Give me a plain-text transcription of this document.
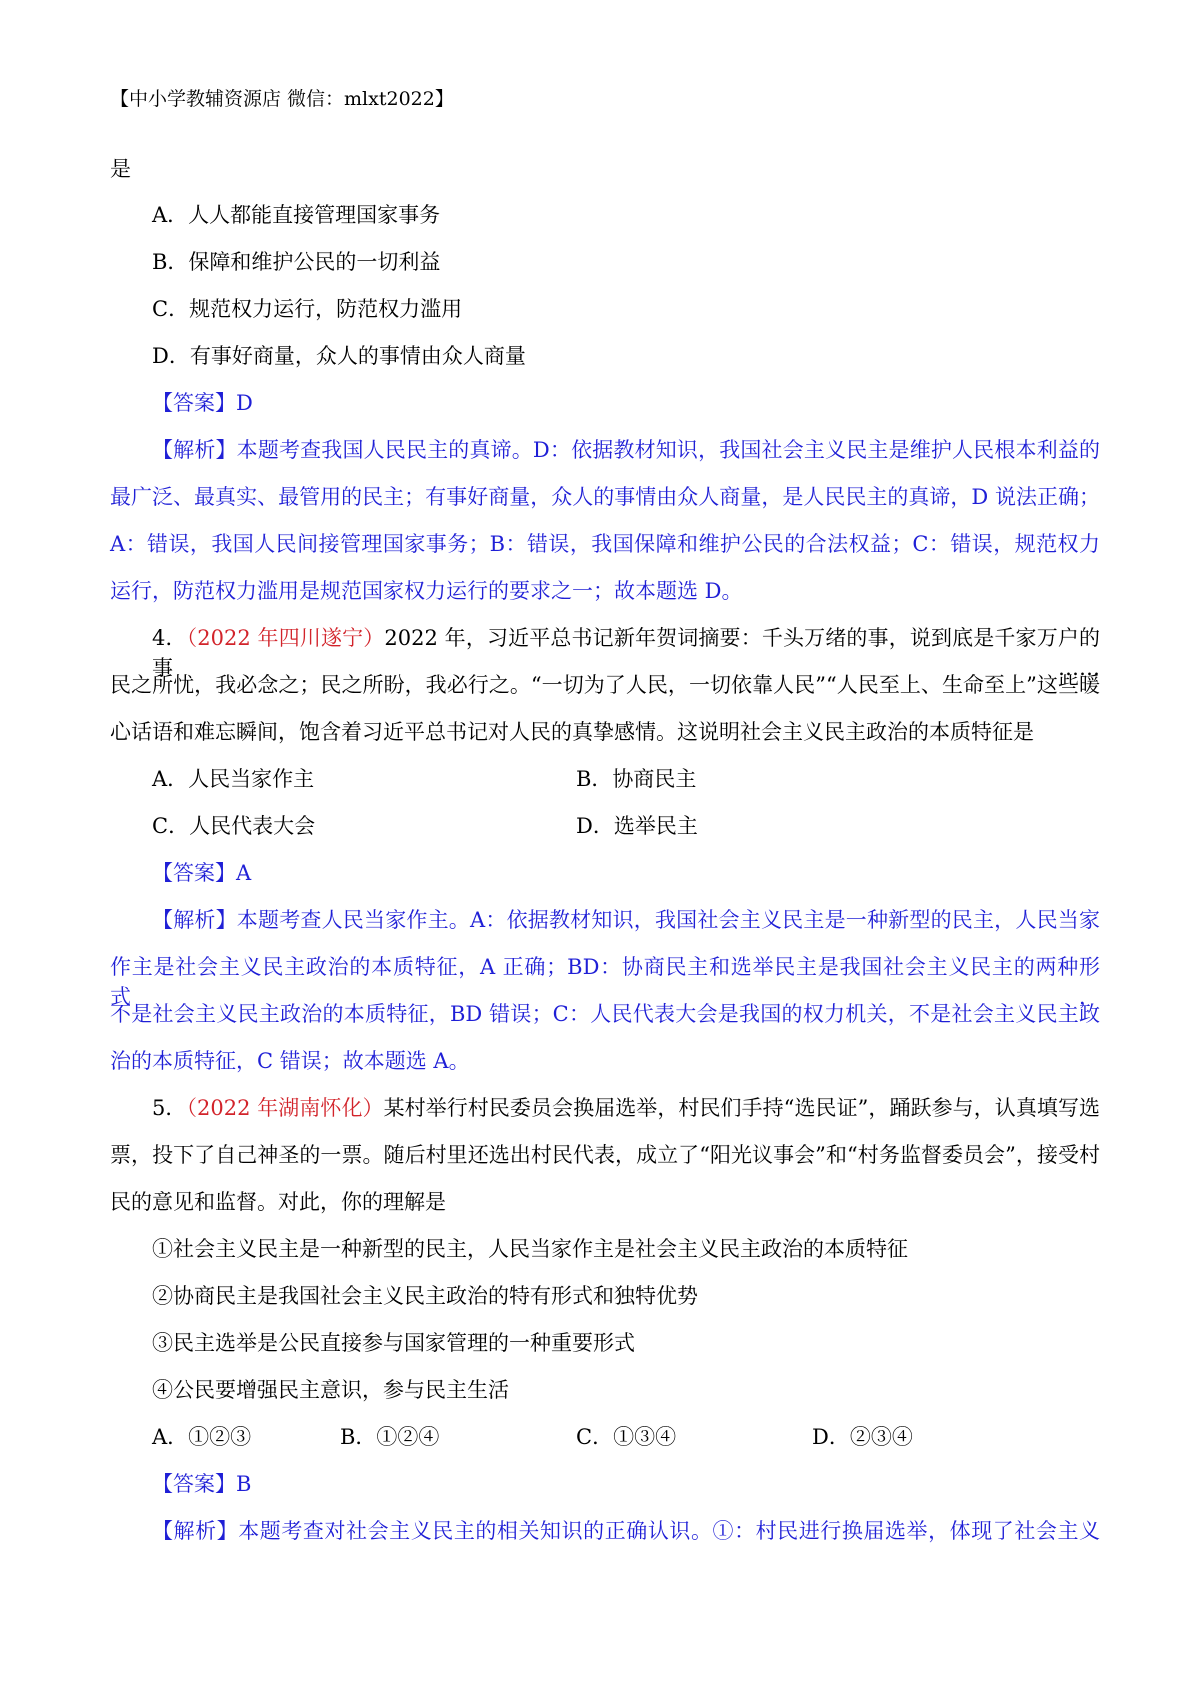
【中小学教辅资源店 微信：mlxt2022】
是
A．人人都能直接管理国家事务
B．保障和维护公民的一切利益
C．规范权力运行，防范权力滥用
D．有事好商量，众人的事情由众人商量
【答案】D
【解析】本题考查我国人民民主的真谛。D：依据教材知识，我国社会主义民主是维护人民根本利益的
最广泛、最真实、最管用的民主；有事好商量，众人的事情由众人商量，是人民民主的真谛，D 说法正确；
A：错误，我国人民间接管理国家事务；B：错误，我国保障和维护公民的合法权益；C：错误，规范权力
运行，防范权力滥用是规范国家权力运行的要求之一；故本题选 D。
4．（2022 年四川遂宁）2022 年，习近平总书记新年贺词摘要：千头万绪的事，说到底是千家万户的事……
民之所忧，我必念之；民之所盼，我必行之。“一切为了人民，一切依靠人民”“人民至上、生命至上”这些暖
心话语和难忘瞬间，饱含着习近平总书记对人民的真挚感情。这说明社会主义民主政治的本质特征是
A．人民当家作主	B．协商民主
C．人民代表大会	D．选举民主
【答案】A
【解析】本题考查人民当家作主。A：依据教材知识，我国社会主义民主是一种新型的民主，人民当家
作主是社会主义民主政治的本质特征，A 正确；BD：协商民主和选举民主是我国社会主义民主的两种形式，
不是社会主义民主政治的本质特征，BD 错误；C：人民代表大会是我国的权力机关，不是社会主义民主政
治的本质特征，C 错误；故本题选 A。
5．（2022 年湖南怀化）某村举行村民委员会换届选举，村民们手持“选民证”，踊跃参与，认真填写选
票，投下了自己神圣的一票。随后村里还选出村民代表，成立了“阳光议事会”和“村务监督委员会”，接受村
民的意见和监督。对此，你的理解是
①社会主义民主是一种新型的民主，人民当家作主是社会主义民主政治的本质特征
②协商民主是我国社会主义民主政治的特有形式和独特优势
③民主选举是公民直接参与国家管理的一种重要形式
④公民要增强民主意识，参与民主生活
A．①②③	B．①②④	C．①③④	D．②③④
【答案】B
【解析】本题考查对社会主义民主的相关知识的正确认识。①：村民进行换届选举，体现了社会主义
